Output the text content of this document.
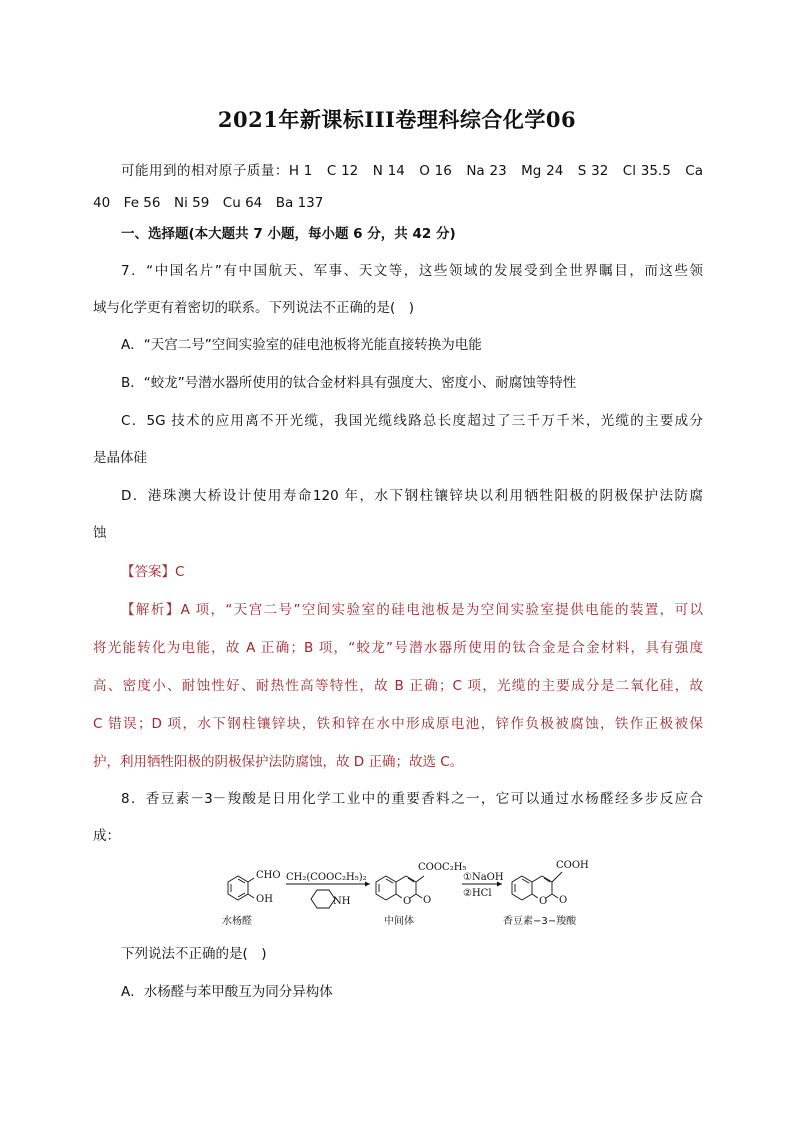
2021年新课标III卷理科综合化学06
可能用到的相对原子质量：H 1　C 12　N 14　O 16　Na 23　Mg 24　S 32　Cl 35.5　Ca
40　Fe 56　Ni 59　Cu 64　Ba 137
一、选择题(本大题共 7 小题，每小题 6 分，共 42 分)
7．“中国名片”有中国航天、军事、天文等，这些领域的发展受到全世界瞩目，而这些领
域与化学更有着密切的联系。下列说法不正确的是(　)
A．“天宫二号”空间实验室的硅电池板将光能直接转换为电能
B．“蛟龙”号潜水器所使用的钛合金材料具有强度大、密度小、耐腐蚀等特性
C．5G 技术的应用离不开光缆，我国光缆线路总长度超过了三千万千米，光缆的主要成分
是晶体硅
D．港珠澳大桥设计使用寿命120 年，水下钢柱镶锌块以利用牺牲阳极的阴极保护法防腐
蚀
【答案】C
【解析】A 项，“天宫二号”空间实验室的硅电池板是为空间实验室提供电能的装置，可以
将光能转化为电能，故 A 正确；B 项，“蛟龙”号潜水器所使用的钛合金是合金材料，具有强度
高、密度小、耐蚀性好、耐热性高等特性，故 B 正确；C 项，光缆的主要成分是二氧化硅，故
C 错误；D 项，水下钢柱镶锌块，铁和锌在水中形成原电池，锌作负极被腐蚀，铁作正极被保
护，利用牺牲阳极的阴极保护法防腐蚀，故 D 正确；故选 C。
8．香豆素－3－羧酸是日用化学工业中的重要香料之一，它可以通过水杨醛经多步反应合
成：
CHO
OH
水杨醛
CH₂(COOC₂H₅)₂
NH
COOC₂H₅
O O
中间体
①NaOH
②HCl
COOH
O O
香豆素−3−羧酸
下列说法不正确的是(　)
A．水杨醛与苯甲酸互为同分异构体
